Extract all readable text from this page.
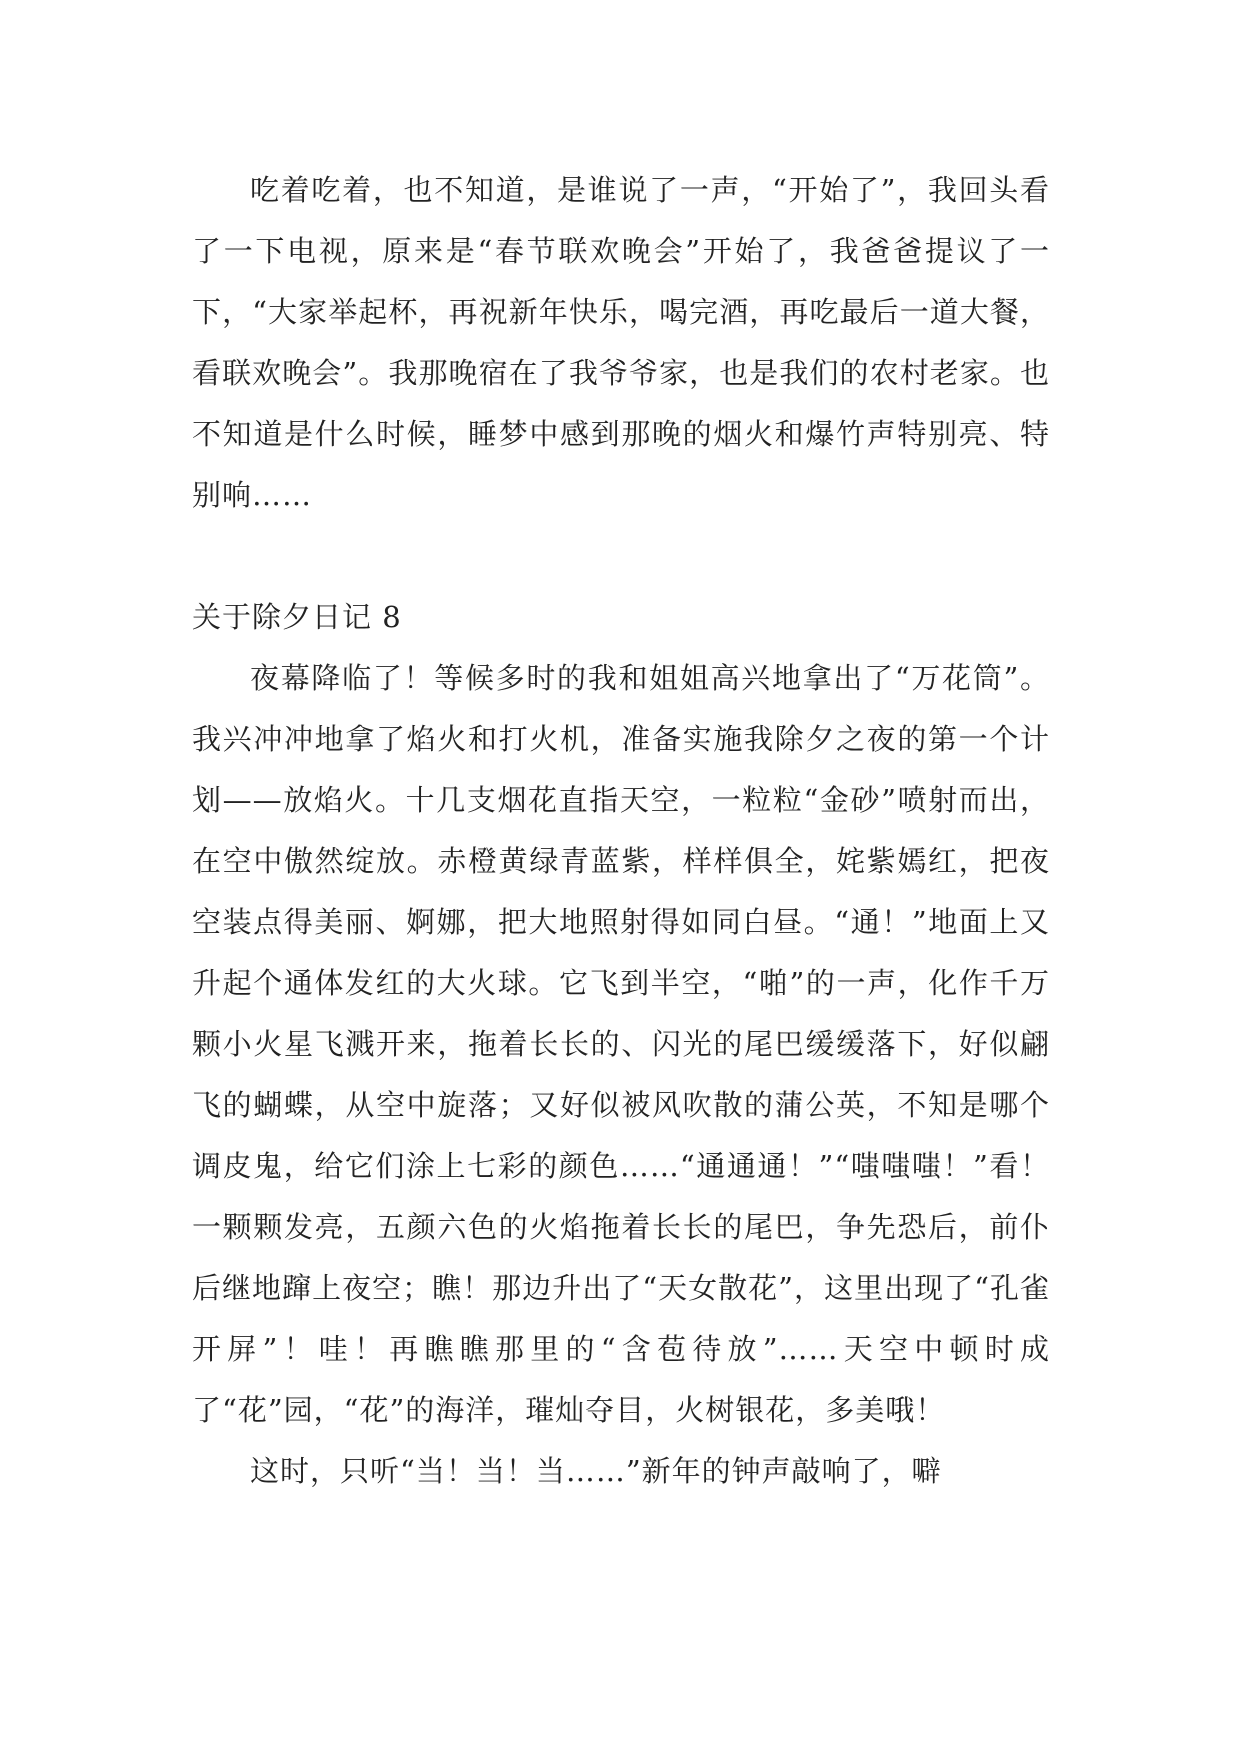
吃着吃着，也不知道，是谁说了一声，“开始了”，我回头看了一下电视，原来是“春节联欢晚会”开始了，我爸爸提议了一下，“大家举起杯，再祝新年快乐，喝完酒，再吃最后一道大餐，看联欢晚会”。我那晚宿在了我爷爷家，也是我们的农村老家。也不知道是什么时候，睡梦中感到那晚的烟火和爆竹声特别亮、特别响……

关于除夕日记 8

夜幕降临了！等候多时的我和姐姐高兴地拿出了“万花筒”。我兴冲冲地拿了焰火和打火机，准备实施我除夕之夜的第一个计划——放焰火。十几支烟花直指天空，一粒粒“金砂”喷射而出，在空中傲然绽放。赤橙黄绿青蓝紫，样样俱全，姹紫嫣红，把夜空装点得美丽、婀娜，把大地照射得如同白昼。“通！”地面上又升起个通体发红的大火球。它飞到半空，“啪”的一声，化作千万颗小火星飞溅开来，拖着长长的、闪光的尾巴缓缓落下，好似翩飞的蝴蝶，从空中旋落；又好似被风吹散的蒲公英，不知是哪个调皮鬼，给它们涂上七彩的颜色……“通通通！”“嗤嗤嗤！”看！一颗颗发亮，五颜六色的火焰拖着长长的尾巴，争先恐后，前仆后继地蹿上夜空；瞧！那边升出了“天女散花”，这里出现了“孔雀开屏”！哇！再瞧瞧那里的“含苞待放”……天空中顿时成了“花”园，“花”的海洋，璀灿夺目，火树银花，多美哦！

这时，只听“当！当！当……”新年的钟声敲响了，噼
